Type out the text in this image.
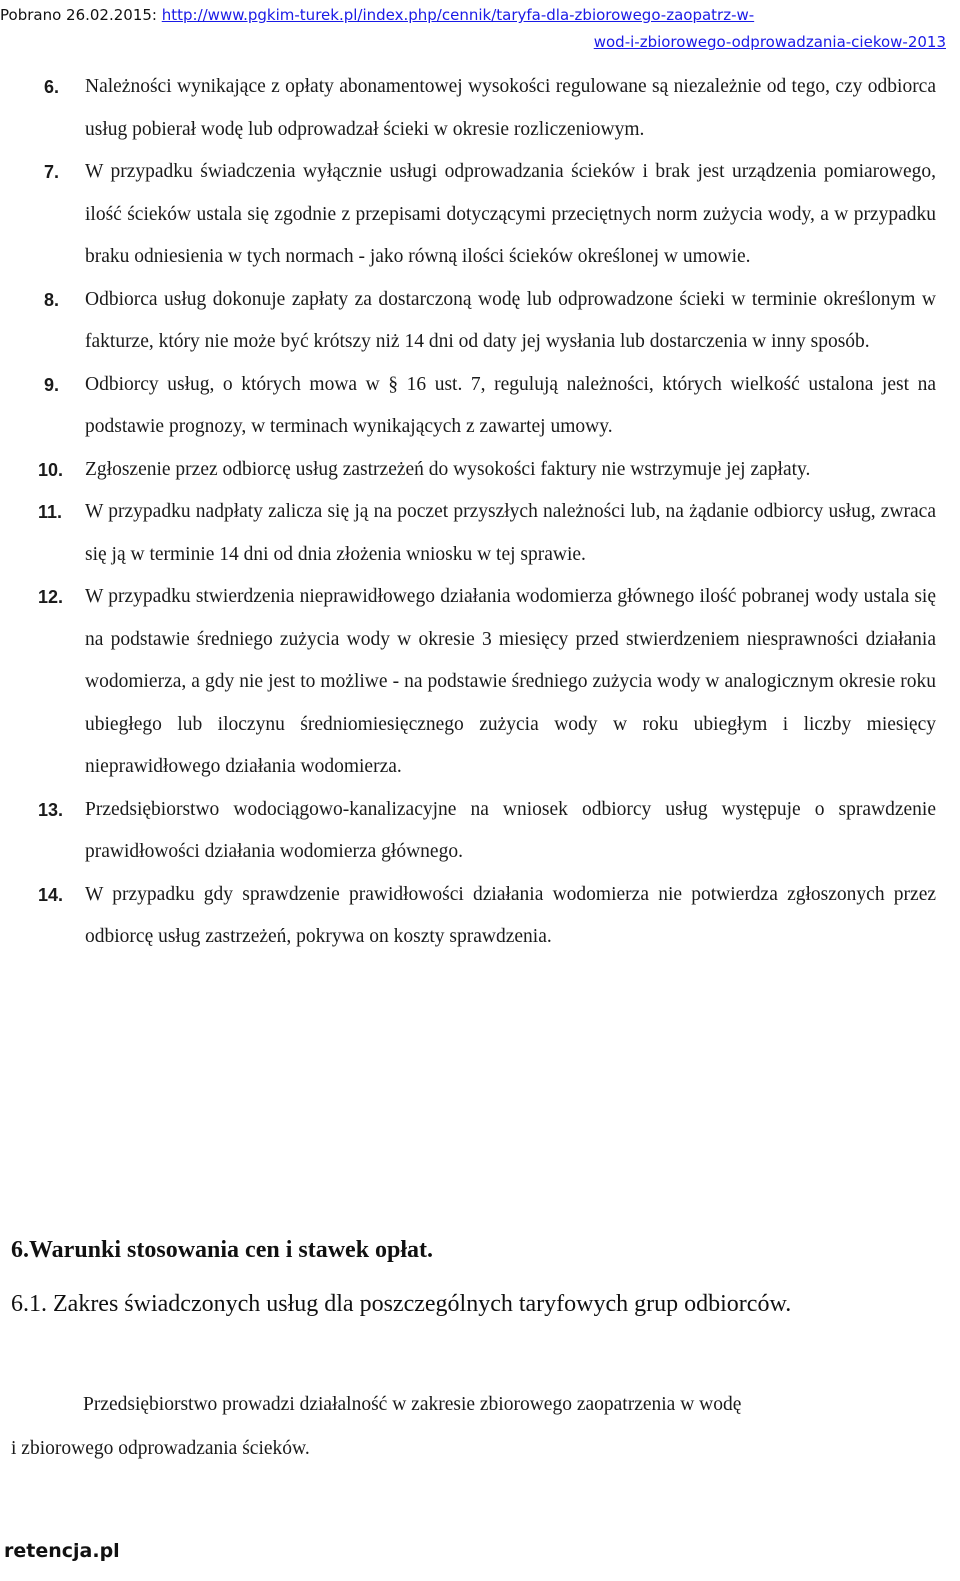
Pobrano 26.02.2015: http://www.pgkim-turek.pl/index.php/cennik/taryfa-dla-zbiorowego-zaopatrz-w-
wod-i-zbiorowego-odprowadzania-ciekow-2013
6. Należności wynikające z opłaty abonamentowej wysokości regulowane są niezależnie od tego, czy odbiorca usług pobierał wodę lub odprowadzał ścieki w okresie rozliczeniowym.
7. W przypadku świadczenia wyłącznie usługi odprowadzania ścieków i brak jest urządzenia pomiarowego, ilość ścieków ustala się zgodnie z przepisami dotyczącymi przeciętnych norm zużycia wody, a w przypadku braku odniesienia w tych normach - jako równą ilości ścieków określonej w umowie.
8. Odbiorca usług dokonuje zapłaty za dostarczoną wodę lub odprowadzone ścieki w terminie określonym w fakturze, który nie może być krótszy niż 14 dni od daty jej wysłania lub dostarczenia w inny sposób.
9. Odbiorcy usług, o których mowa w § 16 ust. 7, regulują należności, których wielkość ustalona jest na podstawie prognozy, w terminach wynikających z zawartej umowy.
10. Zgłoszenie przez odbiorcę usług zastrzeżeń do wysokości faktury nie wstrzymuje jej zapłaty.
11. W przypadku nadpłaty zalicza się ją na poczet przyszłych należności lub, na żądanie odbiorcy usług, zwraca się ją w terminie 14 dni od dnia złożenia wniosku w tej sprawie.
12. W przypadku stwierdzenia nieprawidłowego działania wodomierza głównego ilość pobranej wody ustala się na podstawie średniego zużycia wody w okresie 3 miesięcy przed stwierdzeniem niesprawności działania wodomierza, a gdy nie jest to możliwe - na podstawie średniego zużycia wody w analogicznym okresie roku ubiegłego lub iloczynu średniomiesięcznego zużycia wody w roku ubiegłym i liczby miesięcy nieprawidłowego działania wodomierza.
13. Przedsiębiorstwo wodociągowo-kanalizacyjne na wniosek odbiorcy usług występuje o sprawdzenie prawidłowości działania wodomierza głównego.
14. W przypadku gdy sprawdzenie prawidłowości działania wodomierza nie potwierdza zgłoszonych przez odbiorcę usług zastrzeżeń, pokrywa on koszty sprawdzenia.
6.Warunki stosowania cen i stawek opłat.
6.1. Zakres świadczonych usług dla poszczególnych taryfowych grup odbiorców.
Przedsiębiorstwo prowadzi działalność w zakresie zbiorowego zaopatrzenia w wodę
i zbiorowego odprowadzania ścieków.
retencja.pl
